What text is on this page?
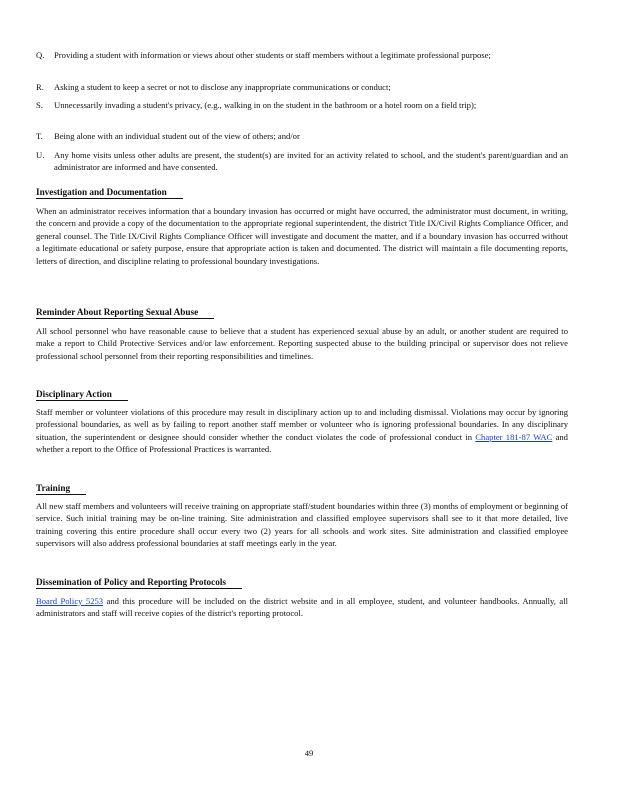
Q. Providing a student with information or views about other students or staff members without a legitimate professional purpose;
R. Asking a student to keep a secret or not to disclose any inappropriate communications or conduct;
S. Unnecessarily invading a student's privacy, (e.g., walking in on the student in the bathroom or a hotel room on a field trip);
T. Being alone with an individual student out of the view of others; and/or
U. Any home visits unless other adults are present, the student(s) are invited for an activity related to school, and the student's parent/guardian and an administrator are informed and have consented.
Investigation and Documentation

When an administrator receives information that a boundary invasion has occurred or might have occurred, the administrator must document, in writing, the concern and provide a copy of the documentation to the appropriate regional superintendent, the district Title IX/Civil Rights Compliance Officer, and general counsel. The Title IX/Civil Rights Compliance Officer will investigate and document the matter, and if a boundary invasion has occurred without a legitimate educational or safety purpose, ensure that appropriate action is taken and documented. The district will maintain a file documenting reports, letters of direction, and discipline relating to professional boundary investigations.

Reminder About Reporting Sexual Abuse

All school personnel who have reasonable cause to believe that a student has experienced sexual abuse by an adult, or another student are required to make a report to Child Protective Services and/or law enforcement. Reporting suspected abuse to the building principal or supervisor does not relieve professional school personnel from their reporting responsibilities and timelines.

Disciplinary Action

Staff member or volunteer violations of this procedure may result in disciplinary action up to and including dismissal. Violations may occur by ignoring professional boundaries, as well as by failing to report another staff member or volunteer who is ignoring professional boundaries. In any disciplinary situation, the superintendent or designee should consider whether the conduct violates the code of professional conduct in Chapter 181-87 WAC and whether a report to the Office of Professional Practices is warranted.

Training

All new staff members and volunteers will receive training on appropriate staff/student boundaries within three (3) months of employment or beginning of service. Such initial training may be on-line training. Site administration and classified employee supervisors shall see to it that more detailed, live training covering this entire procedure shall occur every two (2) years for all schools and work sites. Site administration and classified employee supervisors will also address professional boundaries at staff meetings early in the year.

Dissemination of Policy and Reporting Protocols

Board Policy 5253 and this procedure will be included on the district website and in all employee, student, and volunteer handbooks. Annually, all administrators and staff will receive copies of the district's reporting protocol.

49
